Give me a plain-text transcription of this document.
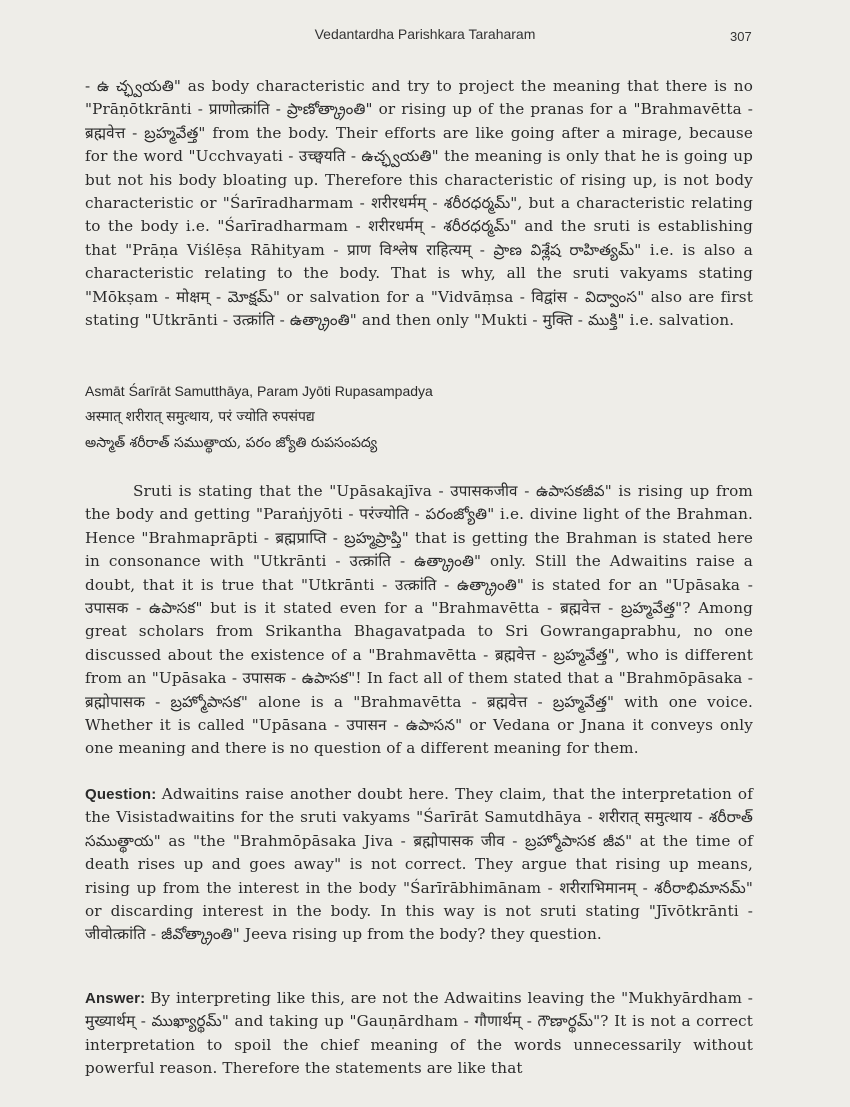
Vedantardha Parishkara Taraharam	307

- ఉ చ్ఛ్వయతి" as body characteristic and try to project the meaning that there is no "Prāṇōtkrānti - प्राणोत्क्रांति - ప్రాణోత్క్రాంతి" or rising up of the pranas for a "Brahmavētta - ब्रह्मवेत्त - బ్రహ్మవేత్త" from the body. Their efforts are like going after a mirage, because for the word "Ucchvayati - उच्छ्वयति - ఉచ్ఛ్వయతి" the meaning is only that he is going up but not his body bloating up. Therefore this characteristic of rising up, is not body characteristic or "Śarīradharmam - शरीरधर्मम् - శరీరధర్మమ్", but a characteristic relating to the body i.e. "Śarīradharmam - शरीरधर्मम् - శరీరధర్మమ్" and the sruti is establishing that "Prāṇa Viślēṣa Rāhityam - प्राण विश्लेष राहित्यम् - ప్రాణ విశ్లేష రాహిత్యమ్" i.e. is also a characteristic relating to the body. That is why, all the sruti vakyams stating "Mōkṣam - मोक्षम् - మోక్షమ్" or salvation for a "Vidvāṃsa - विद्वांस - విద్వాంస" also are first stating "Utkrānti - उत्क्रांति - ఉత్క్రాంతి" and then only "Mukti - मुक्ति - ముక్తి" i.e. salvation.

Asmāt Śarīrāt Samutthāya, Param Jyōti Rupasampadya
अस्मात् शरीरात् समुत्थाय, परं ज्योति रुपसंपद्य
అస్మాత్ శరీరాత్ సముత్థాయ, పరం జ్యోతి రుపసంపద్య

Sruti is stating that the "Upāsakajīva - उपासकजीव - ఉపాసకజీవ" is rising up from the body and getting "Paraṅjyōti - परंज्योति - పరంజ్యోతి" i.e. divine light of the Brahman. Hence "Brahmaprāpti - ब्रह्मप्राप्ति - బ్రహ్మప్రాప్తి" that is getting the Brahman is stated here in consonance with "Utkrānti - उत्क्रांति - ఉత్క్రాంతి" only. Still the Adwaitins raise a doubt, that it is true that "Utkrānti - उत्क्रांति - ఉత్క్రాంతి" is stated for an "Upāsaka - उपासक - ఉపాసక" but is it stated even for a "Brahmavētta - ब्रह्मवेत्त - బ్రహ్మవేత్త"? Among great scholars from Srikantha Bhagavatpada to Sri Gowrangaprabhu, no one discussed about the existence of a "Brahmavētta - ब्रह्मवेत्त - బ్రహ్మవేత్త", who is different from an "Upāsaka - उपासक - ఉపాసక"! In fact all of them stated that a "Brahmōpāsaka - ब्रह्मोपासक - బ్రహ్మోపాసక" alone is a "Brahmavētta - ब्रह्मवेत्त - బ్రహ్మవేత్త" with one voice. Whether it is called "Upāsana - उपासन - ఉపాసన" or Vedana or Jnana it conveys only one meaning and there is no question of a different meaning for them.

Question: Adwaitins raise another doubt here. They claim, that the interpretation of the Visistadwaitins for the sruti vakyams "Śarīrāt Samutdhāya - शरीरात् समुत्थाय - శరీరాత్ సముత్థాయ" as "the "Brahmōpāsaka Jiva - ब्रह्मोपासक जीव - బ్రహ్మోపాసక జీవ" at the time of death rises up and goes away" is not correct. They argue that rising up means, rising up from the interest in the body "Śarīrābhimānam - शरीराभिमानम् - శరీరాభిమానమ్" or discarding interest in the body. In this way is not sruti stating "Jīvōtkrānti - जीवोत्क्रांति - జీవోత్క్రాంతి" Jeeva rising up from the body? they question.

Answer: By interpreting like this, are not the Adwaitins leaving the "Mukhyārdham - मुख्यार्थम् - ముఖ్యార్థమ్" and taking up "Gauṇārdham - गौणार्थम् - గౌణార్థమ్"? It is not a correct interpretation to spoil the chief meaning of the words unnecessarily without powerful reason. Therefore the statements are like that
